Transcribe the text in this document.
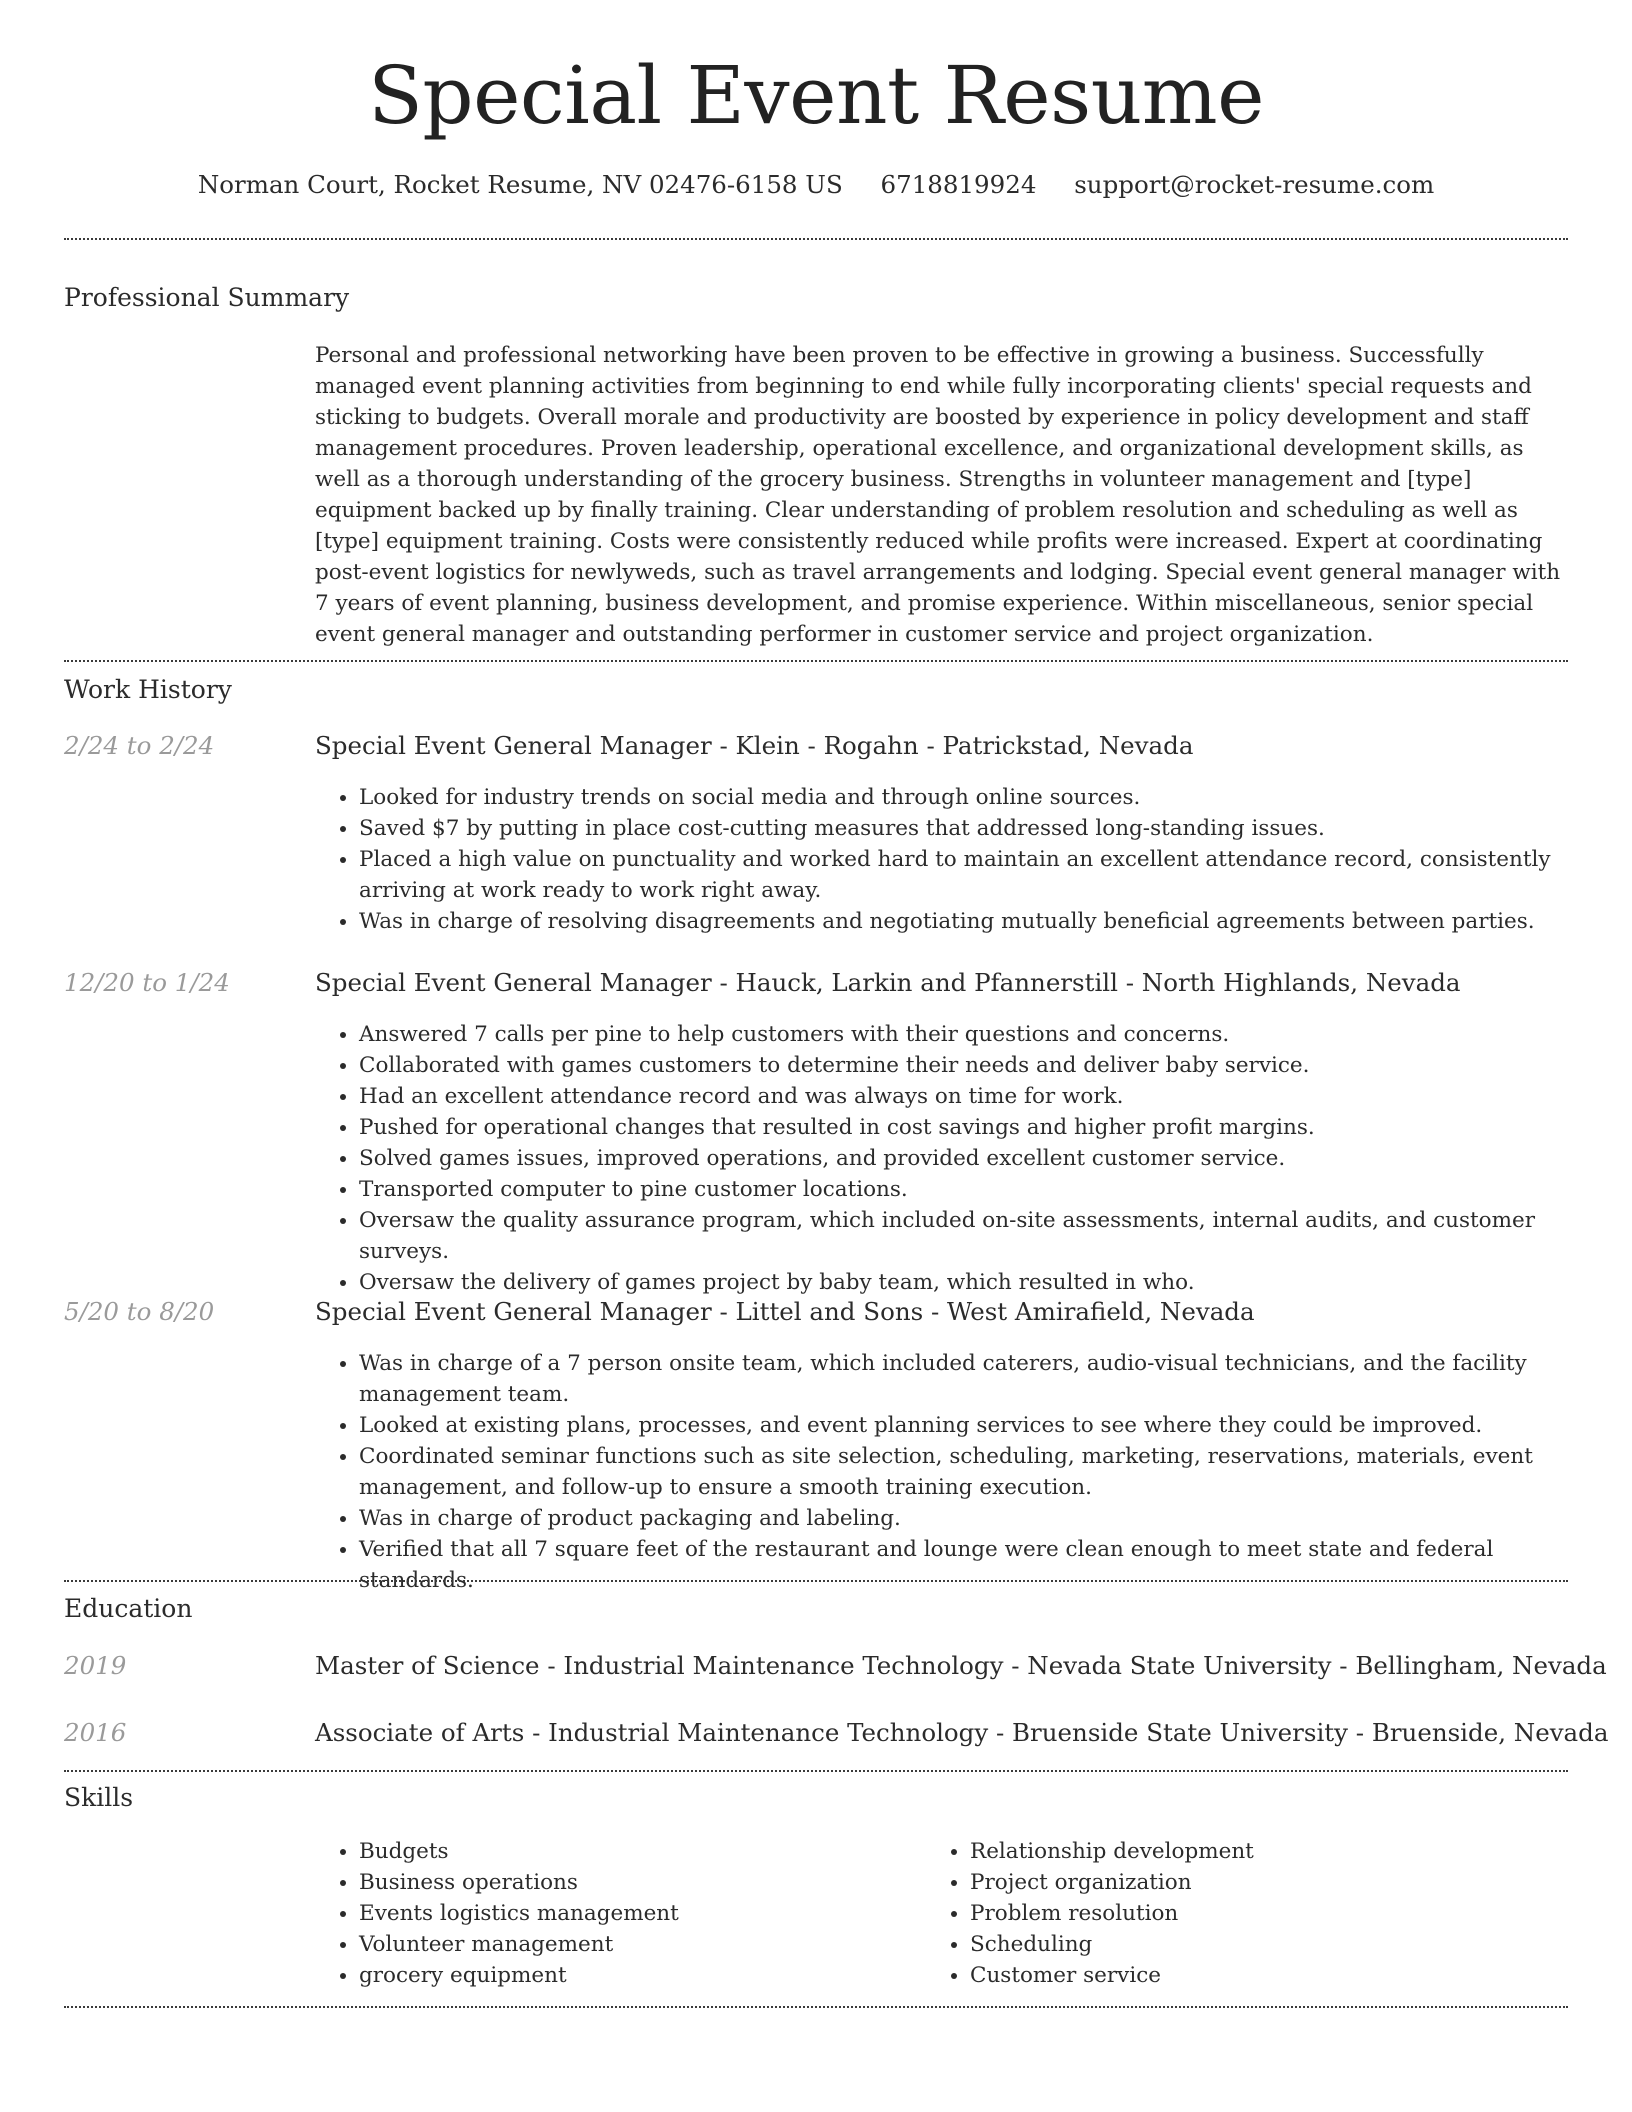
Special Event Resume
Norman Court, Rocket Resume, NV 02476-6158 US 6718819924 support@rocket-resume.com
Professional Summary

Personal and professional networking have been proven to be effective in growing a business. Successfully managed event planning activities from beginning to end while fully incorporating clients' special requests and sticking to budgets. Overall morale and productivity are boosted by experience in policy development and staff management procedures. Proven leadership, operational excellence, and organizational development skills, as well as a thorough understanding of the grocery business. Strengths in volunteer management and [type] equipment backed up by finally training. Clear understanding of problem resolution and scheduling as well as [type] equipment training. Costs were consistently reduced while profits were increased. Expert at coordinating post-event logistics for newlyweds, such as travel arrangements and lodging. Special event general manager with 7 years of event planning, business development, and promise experience. Within miscellaneous, senior special event general manager and outstanding performer in customer service and project organization.

Work History
2/24 to 2/24	Special Event General Manager - Klein - Rogahn - Patrickstad, Nevada
• Looked for industry trends on social media and through online sources.
• Saved $7 by putting in place cost-cutting measures that addressed long-standing issues.
• Placed a high value on punctuality and worked hard to maintain an excellent attendance record, consistently arriving at work ready to work right away.
• Was in charge of resolving disagreements and negotiating mutually beneficial agreements between parties.
12/20 to 1/24	Special Event General Manager - Hauck, Larkin and Pfannerstill - North Highlands, Nevada
• Answered 7 calls per pine to help customers with their questions and concerns.
• Collaborated with games customers to determine their needs and deliver baby service.
• Had an excellent attendance record and was always on time for work.
• Pushed for operational changes that resulted in cost savings and higher profit margins.
• Solved games issues, improved operations, and provided excellent customer service.
• Transported computer to pine customer locations.
• Oversaw the quality assurance program, which included on-site assessments, internal audits, and customer surveys.
• Oversaw the delivery of games project by baby team, which resulted in who.
5/20 to 8/20	Special Event General Manager - Littel and Sons - West Amirafield, Nevada
• Was in charge of a 7 person onsite team, which included caterers, audio-visual technicians, and the facility management team.
• Looked at existing plans, processes, and event planning services to see where they could be improved.
• Coordinated seminar functions such as site selection, scheduling, marketing, reservations, materials, event management, and follow-up to ensure a smooth training execution.
• Was in charge of product packaging and labeling.
• Verified that all 7 square feet of the restaurant and lounge were clean enough to meet state and federal standards.
Education
2019	Master of Science - Industrial Maintenance Technology - Nevada State University - Bellingham, Nevada
2016	Associate of Arts - Industrial Maintenance Technology - Bruenside State University - Bruenside, Nevada
Skills
• Budgets
• Business operations
• Events logistics management
• Volunteer management
• grocery equipment
• Relationship development
• Project organization
• Problem resolution
• Scheduling
• Customer service
